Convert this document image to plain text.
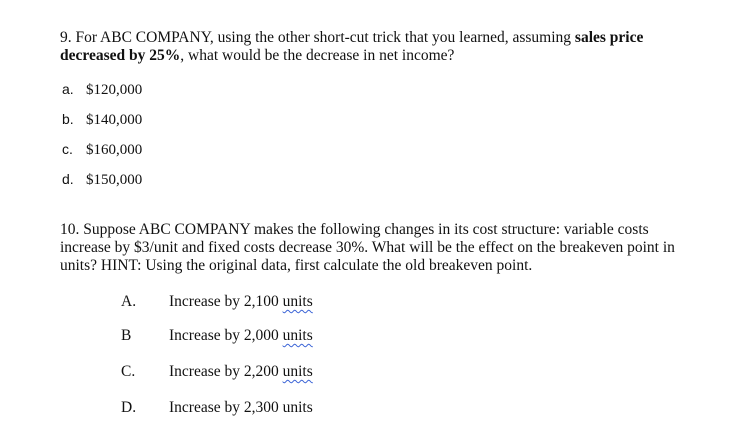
9. For ABC COMPANY, using the other short-cut trick that you learned, assuming sales price decreased by 25%, what would be the decrease in net income?

a. $120,000
b. $140,000
c. $160,000
d. $150,000

10. Suppose ABC COMPANY makes the following changes in its cost structure: variable costs increase by $3/unit and fixed costs decrease 30%. What will be the effect on the breakeven point in units? HINT: Using the original data, first calculate the old breakeven point.

A. Increase by 2,100 units
B Increase by 2,000 units
C. Increase by 2,200 units
D. Increase by 2,300 units
